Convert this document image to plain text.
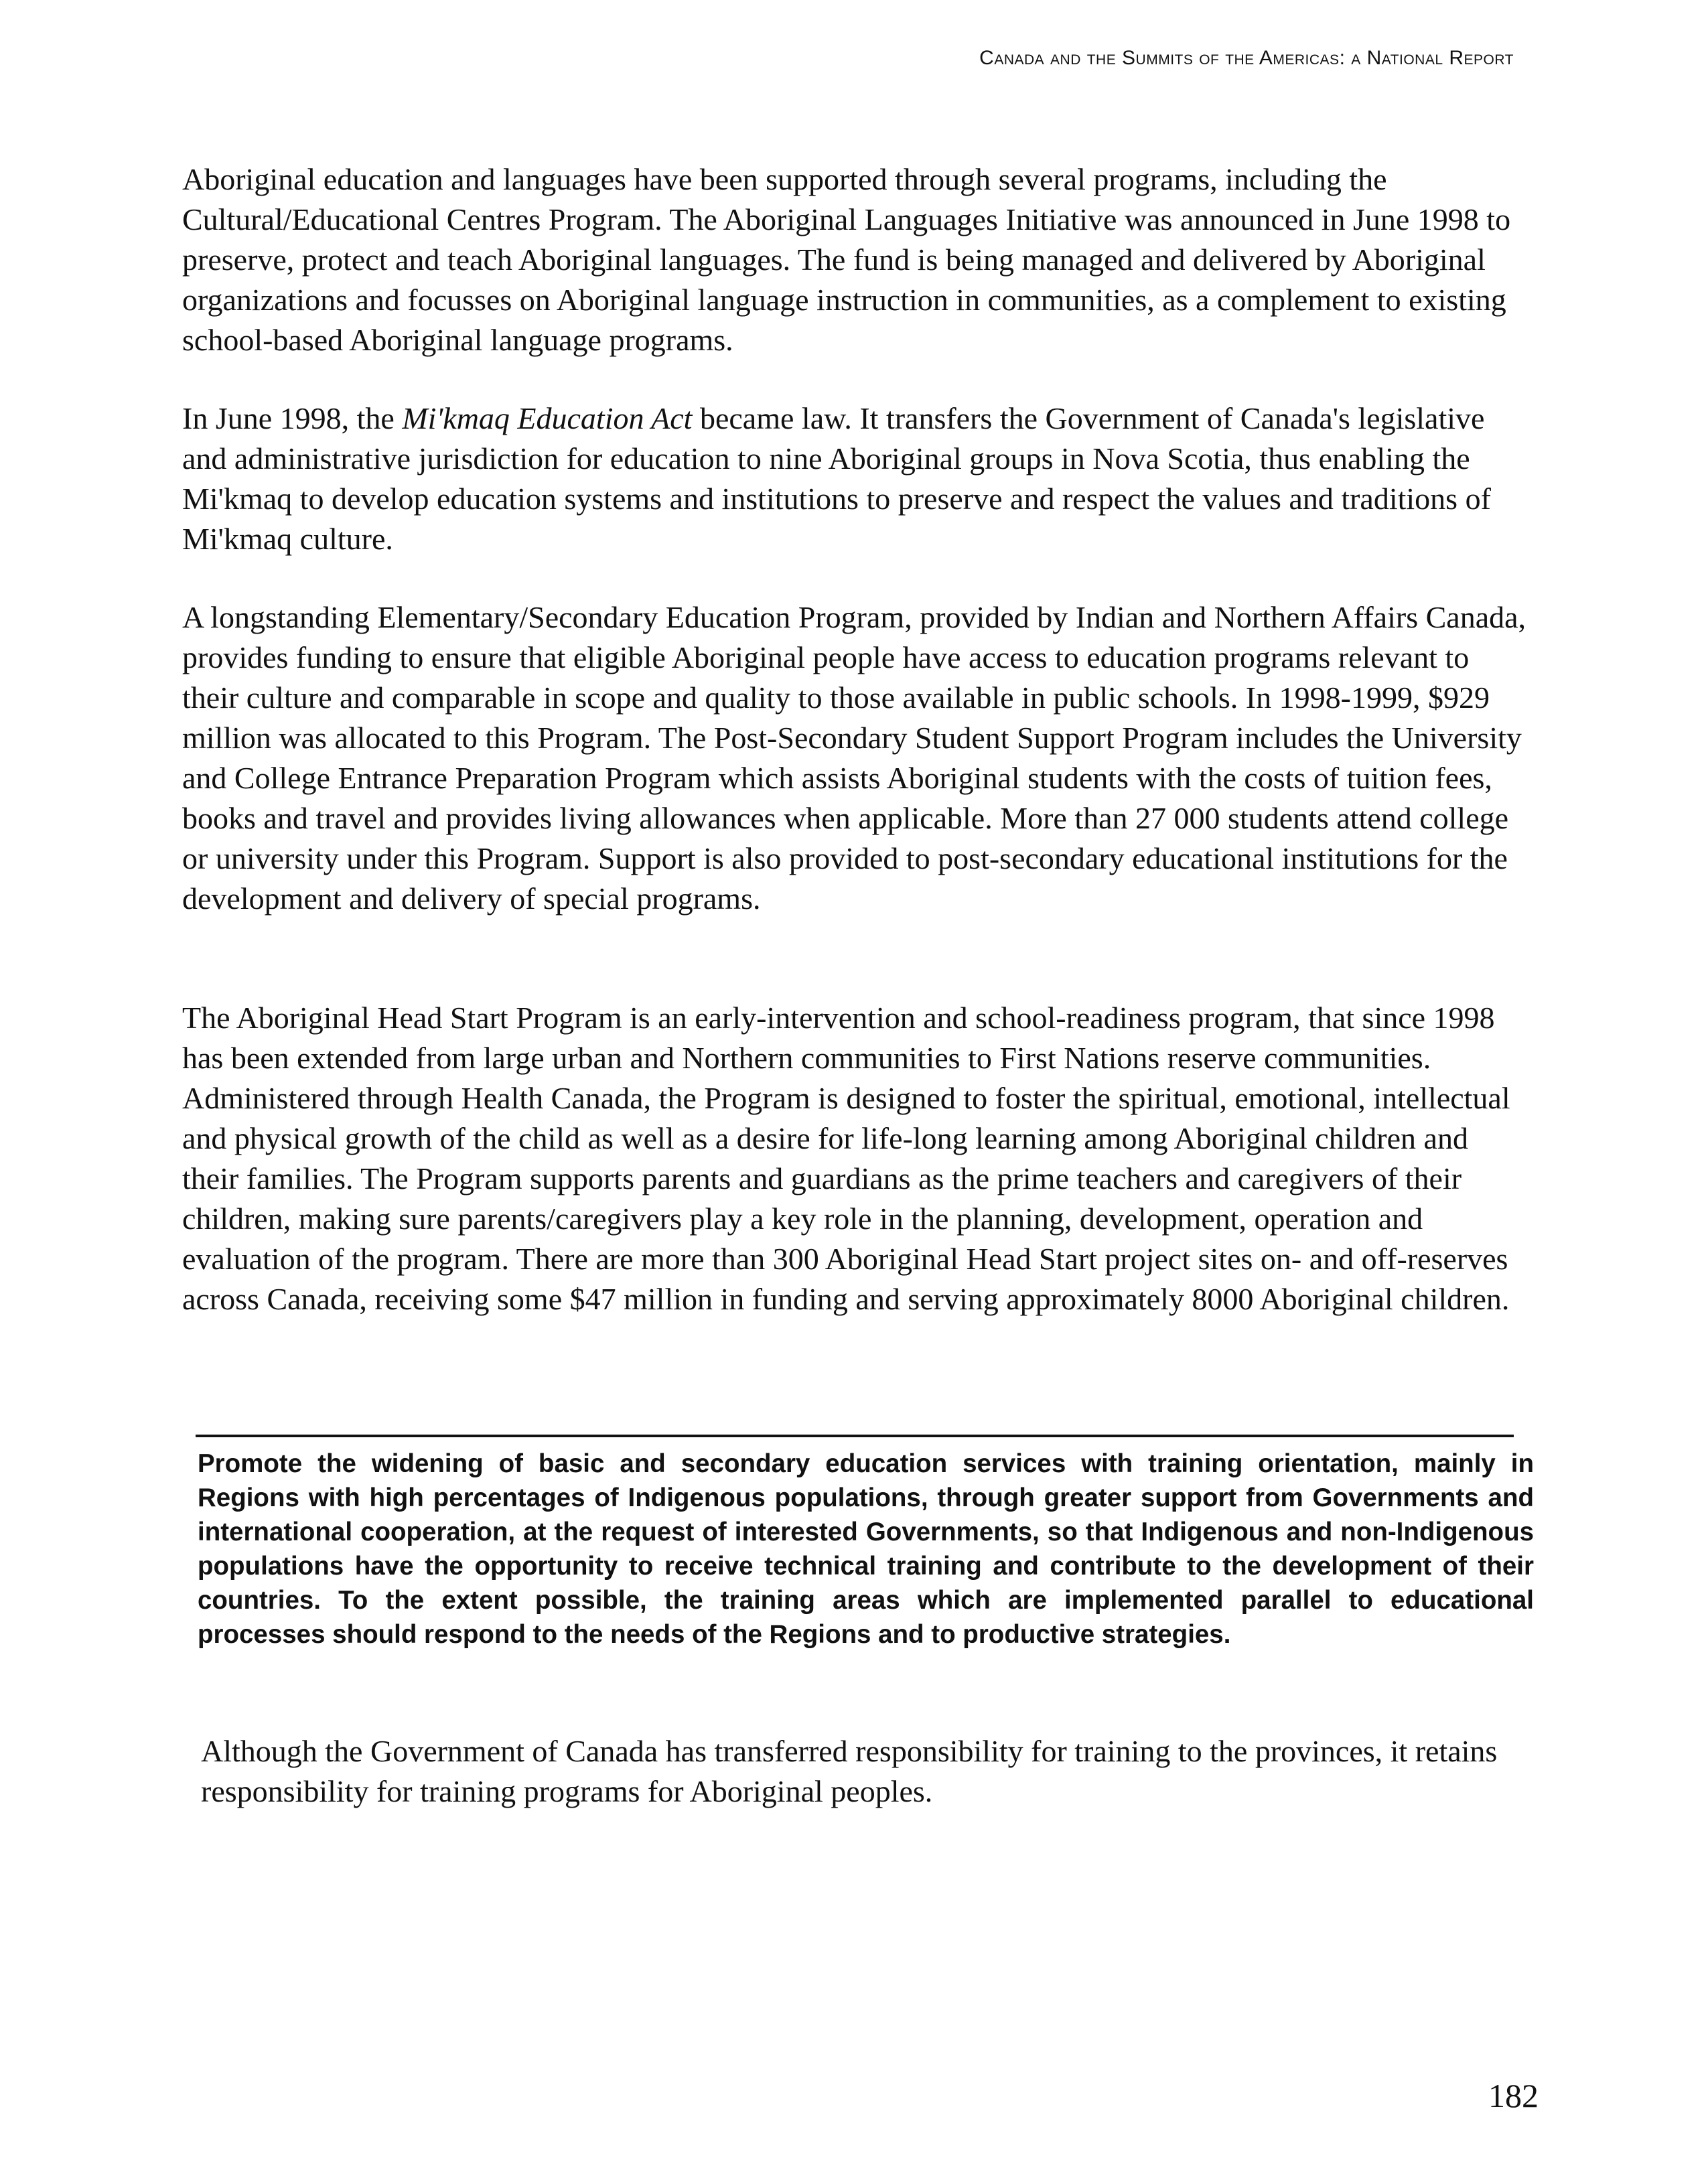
Canada and the Summits of the Americas: a National Report

Aboriginal education and languages have been supported through several programs, including the Cultural/Educational Centres Program. The Aboriginal Languages Initiative was announced in June 1998 to preserve, protect and teach Aboriginal languages. The fund is being managed and delivered by Aboriginal organizations and focusses on Aboriginal language instruction in communities, as a complement to existing school-based Aboriginal language programs.

In June 1998, the Mi'kmaq Education Act became law. It transfers the Government of Canada's legislative and administrative jurisdiction for education to nine Aboriginal groups in Nova Scotia, thus enabling the Mi'kmaq to develop education systems and institutions to preserve and respect the values and traditions of Mi'kmaq culture.

A longstanding Elementary/Secondary Education Program, provided by Indian and Northern Affairs Canada, provides funding to ensure that eligible Aboriginal people have access to education programs relevant to their culture and comparable in scope and quality to those available in public schools. In 1998-1999, $929 million was allocated to this Program. The Post-Secondary Student Support Program includes the University and College Entrance Preparation Program which assists Aboriginal students with the costs of tuition fees, books and travel and provides living allowances when applicable. More than 27 000 students attend college or university under this Program. Support is also provided to post-secondary educational institutions for the development and delivery of special programs.

The Aboriginal Head Start Program is an early-intervention and school-readiness program, that since 1998 has been extended from large urban and Northern communities to First Nations reserve communities. Administered through Health Canada, the Program is designed to foster the spiritual, emotional, intellectual and physical growth of the child as well as a desire for life-long learning among Aboriginal children and their families. The Program supports parents and guardians as the prime teachers and caregivers of their children, making sure parents/caregivers play a key role in the planning, development, operation and evaluation of the program. There are more than 300 Aboriginal Head Start project sites on- and off-reserves across Canada, receiving some $47 million in funding and serving approximately 8000 Aboriginal children.

Promote the widening of basic and secondary education services with training orientation, mainly in Regions with high percentages of Indigenous populations, through greater support from Governments and international cooperation, at the request of interested Governments, so that Indigenous and non-Indigenous populations have the opportunity to receive technical training and contribute to the development of their countries. To the extent possible, the training areas which are implemented parallel to educational processes should respond to the needs of the Regions and to productive strategies.

Although the Government of Canada has transferred responsibility for training to the provinces, it retains responsibility for training programs for Aboriginal peoples.

182
